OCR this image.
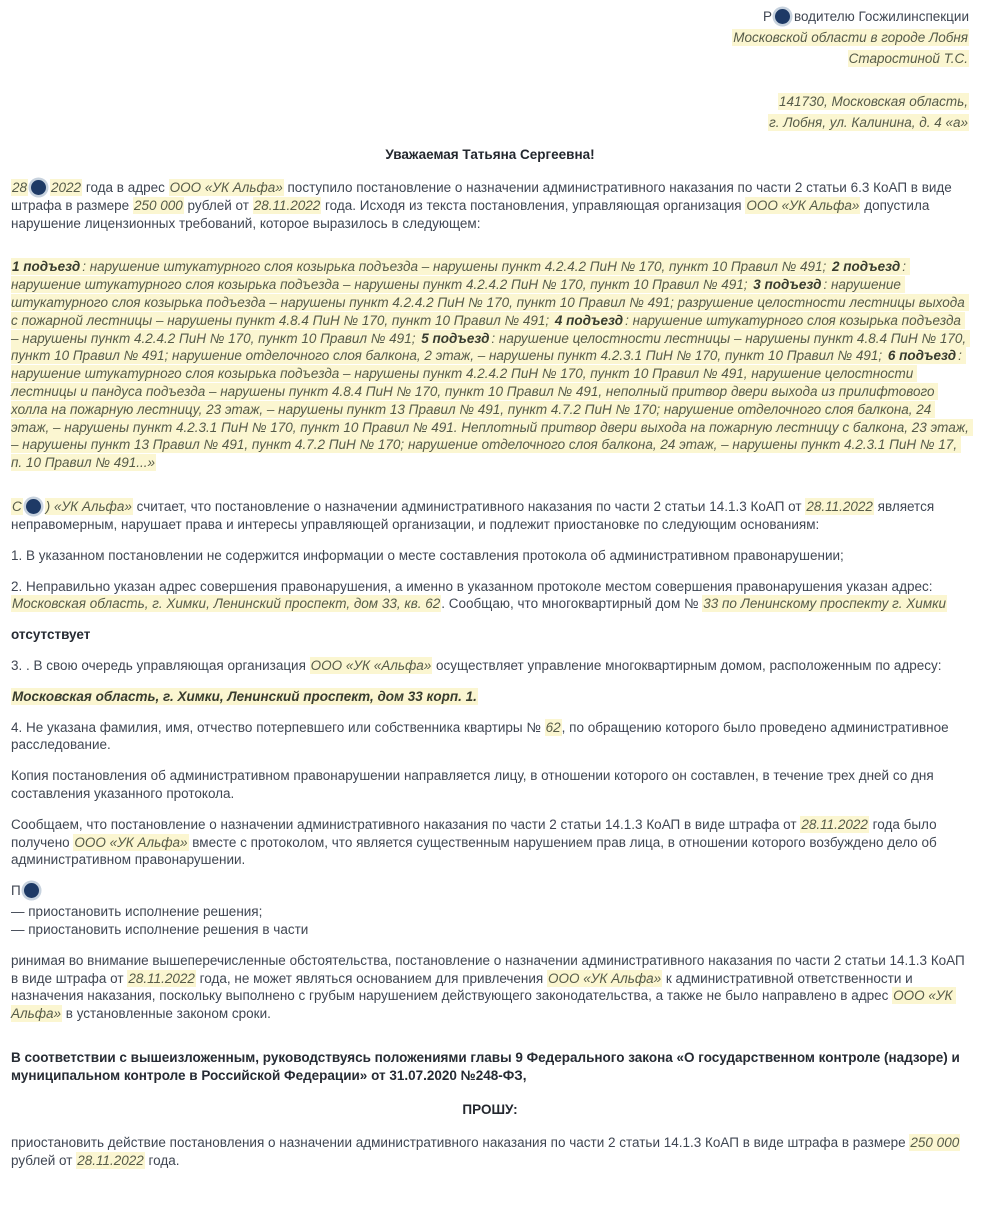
Р водителю Госжилинспекции

Московской области в городе Лобня

Старостиной Т.С.

141730, Московская область,

г. Лобня, ул. Калинина, д. 4 «а»

Уважаемая Татьяна Сергеевна!

28 2022 года в адрес ООО «УК Альфа» поступило постановление о назначении административного наказания по части 2 статьи 6.3 КоАП в виде штрафа в размере 250 000 рублей от 28.11.2022 года. Исходя из текста постановления, управляющая организация ООО «УК Альфа» допустила нарушение лицензионных требований, которое выразилось в следующем:

1 подъезд : нарушение штукатурного слоя козырька подъезда – нарушены пункт 4.2.4.2 ПиН № 170, пункт 10 Правил № 491; 2 подъезд : нарушение штукатурного слоя козырька подъезда – нарушены пункт 4.2.4.2 ПиН № 170, пункт 10 Правил № 491; 3 подъезд : нарушение штукатурного слоя козырька подъезда – нарушены пункт 4.2.4.2 ПиН № 170, пункт 10 Правил № 491; разрушение целостности лестницы выхода с пожарной лестницы – нарушены пункт 4.8.4 ПиН № 170, пункт 10 Правил № 491; 4 подъезд : нарушение штукатурного слоя козырька подъезда – нарушены пункт 4.2.4.2 ПиН № 170, пункт 10 Правил № 491; 5 подъезд : нарушение целостности лестницы – нарушены пункт 4.8.4 ПиН № 170, пункт 10 Правил № 491; нарушение отделочного слоя балкона, 2 этаж, – нарушены пункт 4.2.3.1 ПиН № 170, пункт 10 Правил № 491; 6 подъезд : нарушение штукатурного слоя козырька подъезда – нарушены пункт 4.2.4.2 ПиН № 170, пункт 10 Правил № 491, нарушение целостности лестницы и пандуса подъезда – нарушены пункт 4.8.4 ПиН № 170, пункт 10 Правил № 491, неполный притвор двери выхода из прилифтового холла на пожарную лестницу, 23 этаж, – нарушены пункт 13 Правил № 491, пункт 4.7.2 ПиН № 170; нарушение отделочного слоя балкона, 24 этаж, – нарушены пункт 4.2.3.1 ПиН № 170, пункт 10 Правил № 491. Неплотный притвор двери выхода на пожарную лестницу с балкона, 23 этаж, – нарушены пункт 13 Правил № 491, пункт 4.7.2 ПиН № 170; нарушение отделочного слоя балкона, 24 этаж, – нарушены пункт 4.2.3.1 ПиН № 17, п. 10 Правил № 491...»

С ) «УК Альфа» считает, что постановление о назначении административного наказания по части 2 статьи 14.1.3 КоАП от 28.11.2022 является неправомерным, нарушает права и интересы управляющей организации, и подлежит приостановке по следующим основаниям:

1. В указанном постановлении не содержится информации о месте составления протокола об административном правонарушении;

2. Неправильно указан адрес совершения правонарушения, а именно в указанном протоколе местом совершения правонарушения указан адрес: Московская область, г. Химки, Ленинский проспект, дом 33, кв. 62. Сообщаю, что многоквартирный дом № 33 по Ленинскому проспекту г. Химки

отсутствует

3. . В свою очередь управляющая организация ООО «УК «Альфа» осуществляет управление многоквартирным домом, расположенным по адресу:

Московская область, г. Химки, Ленинский проспект, дом 33 корп. 1.

4. Не указана фамилия, имя, отчество потерпевшего или собственника квартиры № 62, по обращению которого было проведено административное расследование.

Копия постановления об административном правонарушении направляется лицу, в отношении которого он составлен, в течение трех дней со дня составления указанного протокола.

Сообщаем, что постановление о назначении административного наказания по части 2 статьи 14.1.3 КоАП в виде штрафа от 28.11.2022 года было получено ООО «УК Альфа» вместе с протоколом, что является существенным нарушением прав лица, в отношении которого возбуждено дело об административном правонарушении.

П

— приостановить исполнение решения;

— приостановить исполнение решения в части

ринимая во внимание вышеперечисленные обстоятельства, постановление о назначении административного наказания по части 2 статьи 14.1.3 КоАП в виде штрафа от 28.11.2022 года, не может являться основанием для привлечения ООО «УК Альфа» к административной ответственности и назначения наказания, поскольку выполнено с грубым нарушением действующего законодательства, а также не было направлено в адрес ООО «УК Альфа» в установленные законом сроки.

В соответствии с вышеизложенным, руководствуясь положениями главы 9 Федерального закона «О государственном контроле (надзоре) и муниципальном контроле в Российской Федерации» от 31.07.2020 №248-ФЗ,

ПРОШУ:

приостановить действие постановления о назначении административного наказания по части 2 статьи 14.1.3 КоАП в виде штрафа в размере 250 000 рублей от 28.11.2022 года.
